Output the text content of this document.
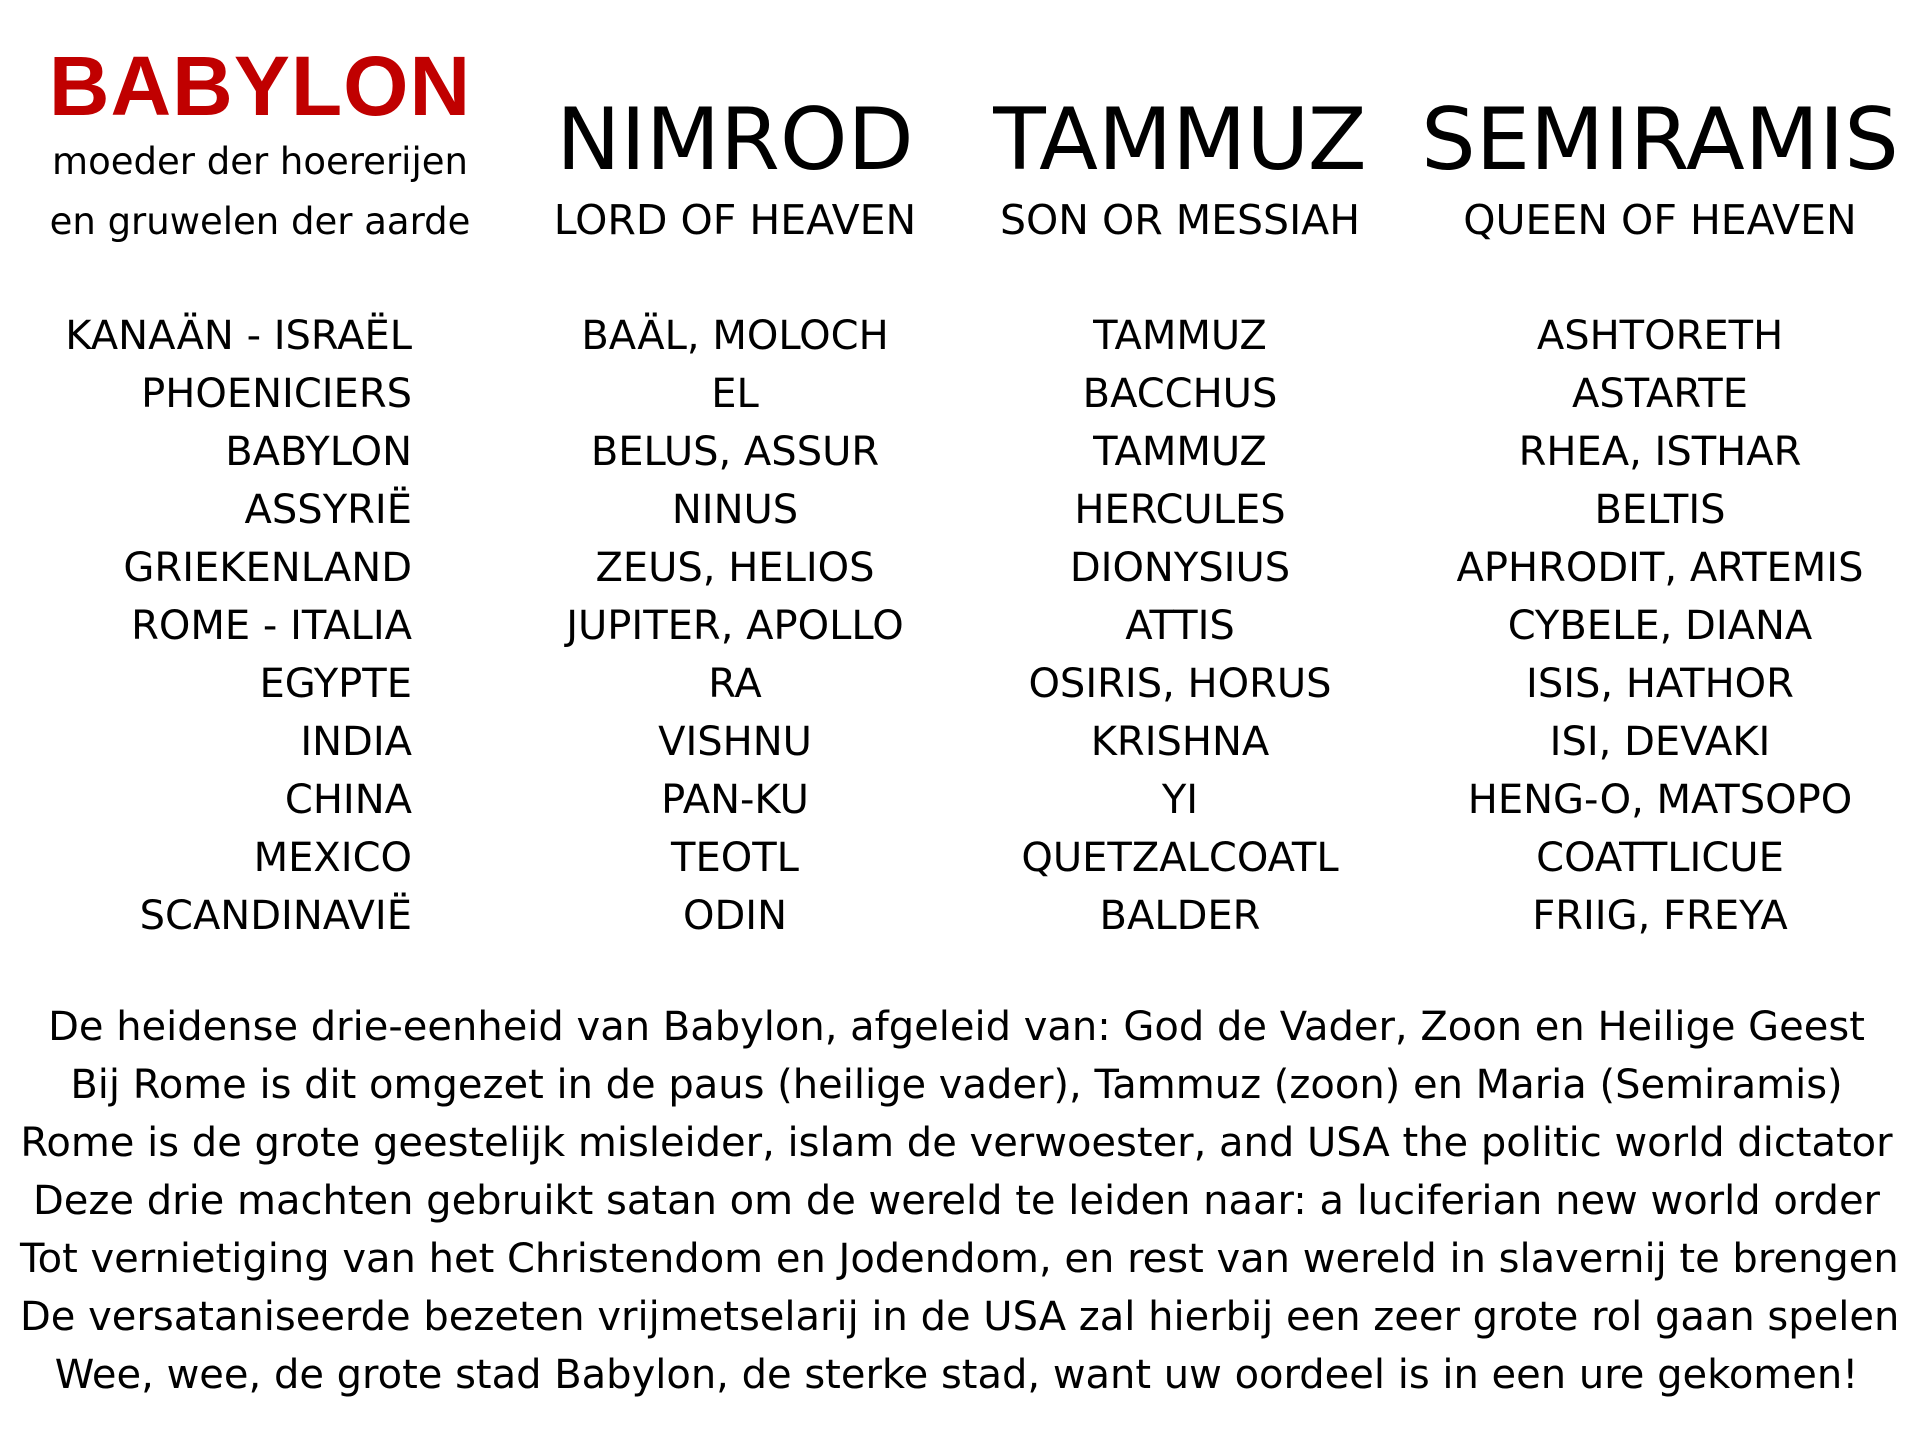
BABYLON
moeder der hoererijen
en gruwelen der aarde
NIMROD
LORD OF HEAVEN
TAMMUZ
SON OR MESSIAH
SEMIRAMIS
QUEEN OF HEAVEN
KANAÄN - ISRAËL	BAÄL, MOLOCH	TAMMUZ	ASHTORETH
PHOENICIERS	EL	BACCHUS	ASTARTE
BABYLON	BELUS, ASSUR	TAMMUZ	RHEA, ISTHAR
ASSYRIË	NINUS	HERCULES	BELTIS
GRIEKENLAND	ZEUS, HELIOS	DIONYSIUS	APHRODIT, ARTEMIS
ROME - ITALIA	JUPITER, APOLLO	ATTIS	CYBELE, DIANA
EGYPTE	RA	OSIRIS, HORUS	ISIS, HATHOR
INDIA	VISHNU	KRISHNA	ISI, DEVAKI
CHINA	PAN-KU	YI	HENG-O, MATSOPO
MEXICO	TEOTL	QUETZALCOATL	COATTLICUE
SCANDINAVIË	ODIN	BALDER	FRIIG, FREYA
De heidense drie-eenheid van Babylon, afgeleid van: God de Vader, Zoon en Heilige Geest
Bij Rome is dit omgezet in de paus (heilige vader), Tammuz (zoon) en Maria (Semiramis)
Rome is de grote geestelijk misleider, islam de verwoester, and USA the politic world dictator
Deze drie machten gebruikt satan om de wereld te leiden naar: a luciferian new world order
Tot vernietiging van het Christendom en Jodendom, en rest van wereld in slavernij te brengen
De versataniseerde bezeten vrijmetselarij in de USA zal hierbij een zeer grote rol gaan spelen
Wee, wee, de grote stad Babylon, de sterke stad, want uw oordeel is in een ure gekomen!
